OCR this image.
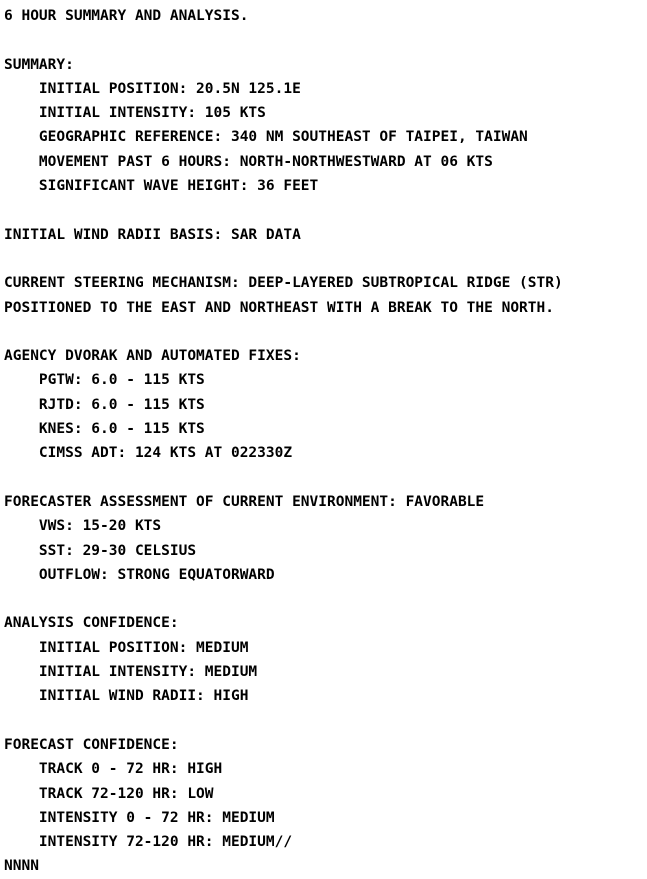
6 HOUR SUMMARY AND ANALYSIS.

SUMMARY:
INITIAL POSITION: 20.5N 125.1E
INITIAL INTENSITY: 105 KTS
GEOGRAPHIC REFERENCE: 340 NM SOUTHEAST OF TAIPEI, TAIWAN
MOVEMENT PAST 6 HOURS: NORTH-NORTHWESTWARD AT 06 KTS
SIGNIFICANT WAVE HEIGHT: 36 FEET

INITIAL WIND RADII BASIS: SAR DATA

CURRENT STEERING MECHANISM: DEEP-LAYERED SUBTROPICAL RIDGE (STR)
POSITIONED TO THE EAST AND NORTHEAST WITH A BREAK TO THE NORTH.

AGENCY DVORAK AND AUTOMATED FIXES:
PGTW: 6.0 - 115 KTS
RJTD: 6.0 - 115 KTS
KNES: 6.0 - 115 KTS
CIMSS ADT: 124 KTS AT 022330Z

FORECASTER ASSESSMENT OF CURRENT ENVIRONMENT: FAVORABLE
VWS: 15-20 KTS
SST: 29-30 CELSIUS
OUTFLOW: STRONG EQUATORWARD

ANALYSIS CONFIDENCE:
INITIAL POSITION: MEDIUM
INITIAL INTENSITY: MEDIUM
INITIAL WIND RADII: HIGH

FORECAST CONFIDENCE:
TRACK 0 - 72 HR: HIGH
TRACK 72-120 HR: LOW
INTENSITY 0 - 72 HR: MEDIUM
INTENSITY 72-120 HR: MEDIUM//
NNNN
